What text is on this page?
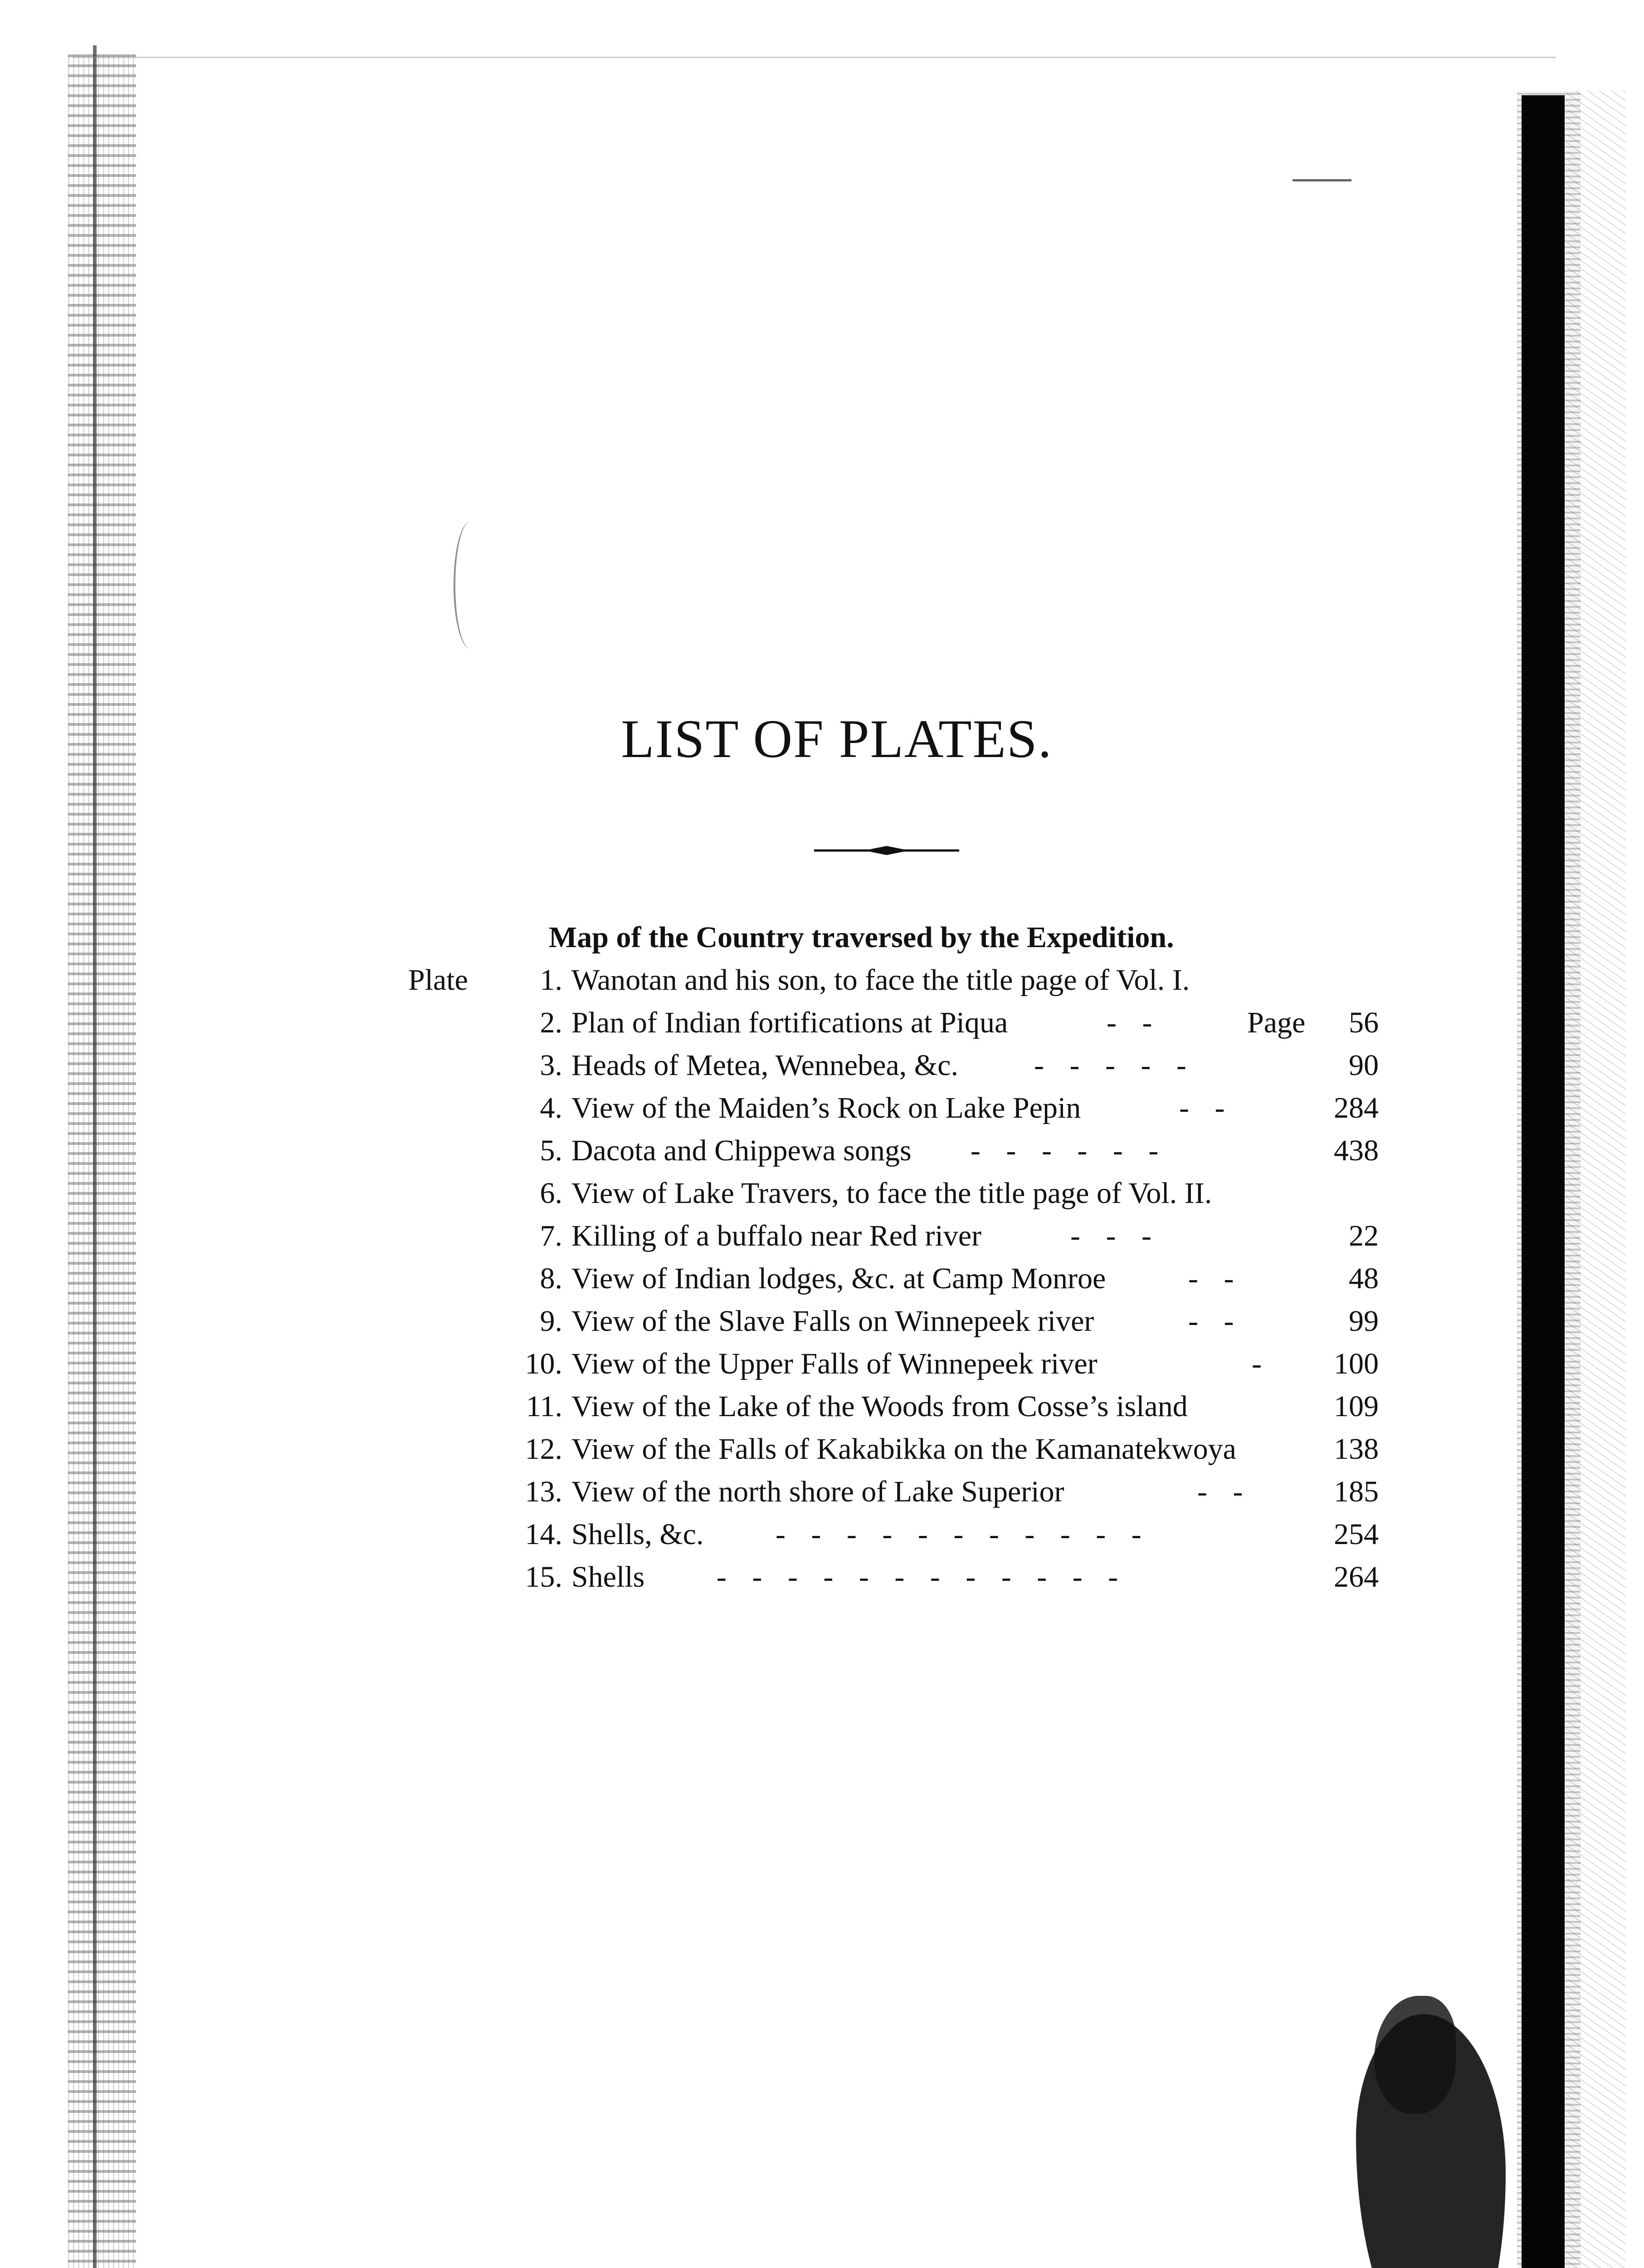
LIST OF PLATES.
Map of the Country traversed by the Expedition.
Plate	1. Wanotan and his son, to face the title page of Vol. I.
2. Plan of Indian fortifications at Piqua	- -	Page	56
3. Heads of Metea, Wennebea, &c.	- - - - -	90
4. View of the Maiden’s Rock on Lake Pepin	- -	284
5. Dacota and Chippewa songs - - - - - -	438
6. View of Lake Travers, to face the title page of Vol. II.
7. Killing of a buffalo near Red river	- - -	22
8. View of Indian lodges, &c. at Camp Monroe	- -	48
9. View of the Slave Falls on Winnepeek river	- -	99
10. View of the Upper Falls of Winnepeek river	-	100
11. View of the Lake of the Woods from Cosse’s island	109
12. View of the Falls of Kakabikka on the Kamanatekwoya	138
13. View of the north shore of Lake Superior	- -	185
14. Shells, &c. - - - - - - - - - - -	254
15. Shells - - - - - - - - - - - -	264
